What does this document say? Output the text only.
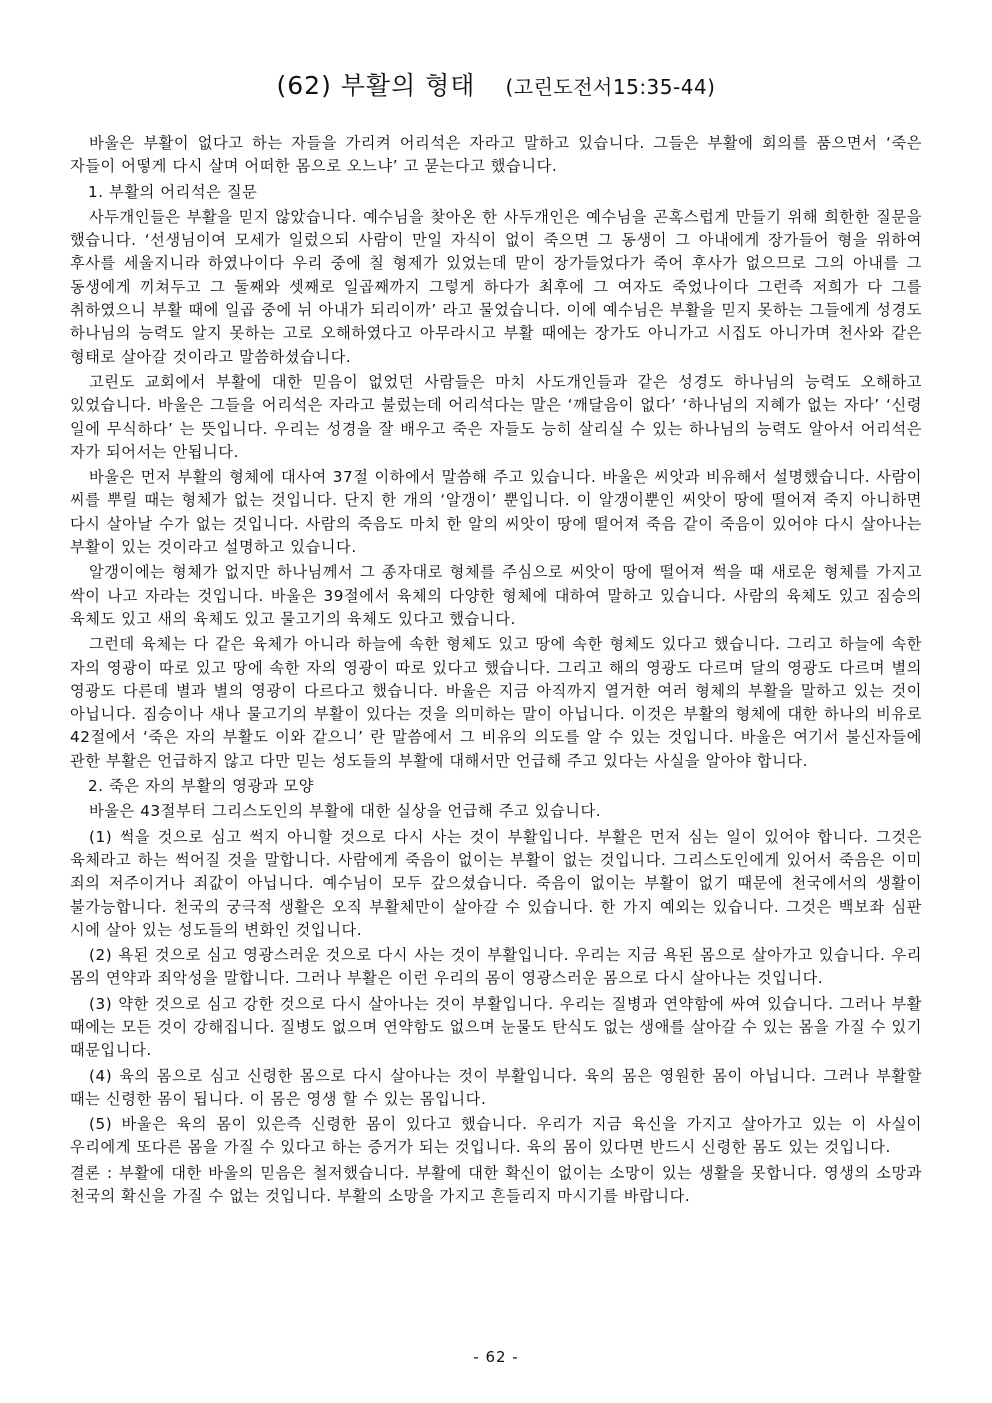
(62) 부활의 형태 (고린도전서15:35-44)

바울은 부활이 없다고 하는 자들을 가리켜 어리석은 자라고 말하고 있습니다. 그들은 부활에 회의를 품으면서 ‘죽은 자들이 어떻게 다시 살며 어떠한 몸으로 오느냐’ 고 묻는다고 했습니다.

1. 부활의 어리석은 질문

사두개인들은 부활을 믿지 않았습니다. 예수님을 찾아온 한 사두개인은 예수님을 곤혹스럽게 만들기 위해 희한한 질문을 했습니다. ‘선생님이여 모세가 일렀으되 사람이 만일 자식이 없이 죽으면 그 동생이 그 아내에게 장가들어 형을 위하여 후사를 세울지니라 하였나이다 우리 중에 칠 형제가 있었는데 맏이 장가들었다가 죽어 후사가 없으므로 그의 아내를 그 동생에게 끼쳐두고 그 둘째와 셋째로 일곱째까지 그렇게 하다가 최후에 그 여자도 죽었나이다 그런즉 저희가 다 그를 취하였으니 부활 때에 일곱 중에 뉘 아내가 되리이까’ 라고 물었습니다. 이에 예수님은 부활을 믿지 못하는 그들에게 성경도 하나님의 능력도 알지 못하는 고로 오해하였다고 아무라시고 부활 때에는 장가도 아니가고 시집도 아니가며 천사와 같은 형태로 살아갈 것이라고 말씀하셨습니다.

고린도 교회에서 부활에 대한 믿음이 없었던 사람들은 마치 사도개인들과 같은 성경도 하나님의 능력도 오해하고 있었습니다. 바울은 그들을 어리석은 자라고 불렀는데 어리석다는 말은 ‘깨달음이 없다’ ‘하나님의 지혜가 없는 자다’ ‘신령 일에 무식하다’ 는 뜻입니다. 우리는 성경을 잘 배우고 죽은 자들도 능히 살리실 수 있는 하나님의 능력도 알아서 어리석은 자가 되어서는 안됩니다.

바울은 먼저 부활의 형체에 대사여 37절 이하에서 말씀해 주고 있습니다. 바울은 씨앗과 비유해서 설명했습니다. 사람이 씨를 뿌릴 때는 형체가 없는 것입니다. 단지 한 개의 ‘알갱이’ 뿐입니다. 이 알갱이뿐인 씨앗이 땅에 떨어져 죽지 아니하면 다시 살아날 수가 없는 것입니다. 사람의 죽음도 마치 한 알의 씨앗이 땅에 떨어져 죽음 같이 죽음이 있어야 다시 살아나는 부활이 있는 것이라고 설명하고 있습니다.

알갱이에는 형체가 없지만 하나님께서 그 종자대로 형체를 주심으로 씨앗이 땅에 떨어져 썩을 때 새로운 형체를 가지고 싹이 나고 자라는 것입니다. 바울은 39절에서 육체의 다양한 형체에 대하여 말하고 있습니다. 사람의 육체도 있고 짐승의 육체도 있고 새의 육체도 있고 물고기의 육체도 있다고 했습니다.

그런데 육체는 다 같은 육체가 아니라 하늘에 속한 형체도 있고 땅에 속한 형체도 있다고 했습니다. 그리고 하늘에 속한 자의 영광이 따로 있고 땅에 속한 자의 영광이 따로 있다고 했습니다. 그리고 해의 영광도 다르며 달의 영광도 다르며 별의 영광도 다른데 별과 별의 영광이 다르다고 했습니다. 바울은 지금 아직까지 열거한 여러 형체의 부활을 말하고 있는 것이 아닙니다. 짐승이나 새나 물고기의 부활이 있다는 것을 의미하는 말이 아닙니다. 이것은 부활의 형체에 대한 하나의 비유로 42절에서 ‘죽은 자의 부활도 이와 같으니’ 란 말씀에서 그 비유의 의도를 알 수 있는 것입니다. 바울은 여기서 불신자들에 관한 부활은 언급하지 않고 다만 믿는 성도들의 부활에 대해서만 언급해 주고 있다는 사실을 알아야 합니다.

2. 죽은 자의 부활의 영광과 모양

바울은 43절부터 그리스도인의 부활에 대한 실상을 언급해 주고 있습니다.

(1) 썩을 것으로 심고 썩지 아니할 것으로 다시 사는 것이 부활입니다. 부활은 먼저 심는 일이 있어야 합니다. 그것은 육체라고 하는 썩어질 것을 말합니다. 사람에게 죽음이 없이는 부활이 없는 것입니다. 그리스도인에게 있어서 죽음은 이미 죄의 저주이거나 죄값이 아닙니다. 예수님이 모두 갚으셨습니다. 죽음이 없이는 부활이 없기 때문에 천국에서의 생활이 불가능합니다. 천국의 궁극적 생활은 오직 부활체만이 살아갈 수 있습니다. 한 가지 예외는 있습니다. 그것은 백보좌 심판 시에 살아 있는 성도들의 변화인 것입니다.

(2) 욕된 것으로 심고 영광스러운 것으로 다시 사는 것이 부활입니다. 우리는 지금 욕된 몸으로 살아가고 있습니다. 우리 몸의 연약과 죄악성을 말합니다. 그러나 부활은 이런 우리의 몸이 영광스러운 몸으로 다시 살아나는 것입니다.

(3) 약한 것으로 심고 강한 것으로 다시 살아나는 것이 부활입니다. 우리는 질병과 연약함에 싸여 있습니다. 그러나 부활 때에는 모든 것이 강해집니다. 질병도 없으며 연약함도 없으며 눈물도 탄식도 없는 생애를 살아갈 수 있는 몸을 가질 수 있기 때문입니다.

(4) 육의 몸으로 심고 신령한 몸으로 다시 살아나는 것이 부활입니다. 육의 몸은 영원한 몸이 아닙니다. 그러나 부활할 때는 신령한 몸이 됩니다. 이 몸은 영생 할 수 있는 몸입니다.

(5) 바울은 육의 몸이 있은즉 신령한 몸이 있다고 했습니다. 우리가 지금 육신을 가지고 살아가고 있는 이 사실이 우리에게 또다른 몸을 가질 수 있다고 하는 증거가 되는 것입니다. 육의 몸이 있다면 반드시 신령한 몸도 있는 것입니다.

결론 : 부활에 대한 바울의 믿음은 철저했습니다. 부활에 대한 확신이 없이는 소망이 있는 생활을 못합니다. 영생의 소망과 천국의 확신을 가질 수 없는 것입니다. 부활의 소망을 가지고 흔들리지 마시기를 바랍니다.

- 62 -
